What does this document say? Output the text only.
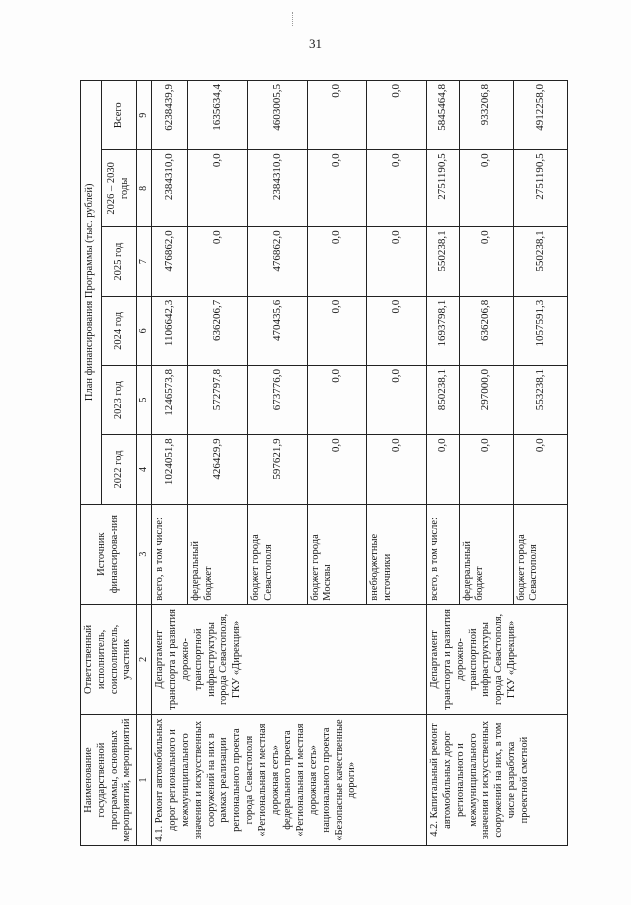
31
Наименование государственной программы, основных мероприятий, мероприятий	Ответственный исполнитель, соисполнитель, участник	Источник финансирова-ния	План финансирования Программы (тыс. рублей)					
			2022 год	2023 год	2024 год	2025 год	2026 – 2030 годы	Всего
1	2	3	4	5	6	7	8	9
4.1. Ремонт автомобильных дорог регионального и межмуниципального значения и искусственных сооружений на них в рамках реализации регионального проекта города Севастополя «Региональная и местная дорожная сеть» федерального проекта «Региональная и местная дорожная сеть» национального проекта «Безопасные качественные дороги»	Департамент транспорта и развития дорожно-транспортной инфраструктуры города Севастополя, ГКУ «Дирекция»	всего, в том числе:	1024051,8	1246573,8	1106642,3	476862,0	2384310,0	6238439,9
		федеральный бюджет	426429,9	572797,8	636206,7	0,0	0,0	1635634,4
		бюджет города Севастополя	597621,9	673776,0	470435,6	476862,0	2384310,0	4603005,5
		бюджет города Москвы	0,0	0,0	0,0	0,0	0,0	0,0
		внебюджетные источники	0,0	0,0	0,0	0,0	0,0	0,0
4.2. Капитальный ремонт автомобильных дорог регионального и межмуниципального значения и искусственных сооружений на них, в том числе разработка проектной сметной	Департамент транспорта и развития дорожно-транспортной инфраструктуры города Севастополя, ГКУ «Дирекция»	всего, в том числе:	0,0	850238,1	1693798,1	550238,1	2751190,5	5845464,8
		федеральный бюджет	0,0	297000,0	636206,8	0,0	0,0	933206,8
		бюджет города Севастополя	0,0	553238,1	1057591,3	550238,1	2751190,5	4912258,0
